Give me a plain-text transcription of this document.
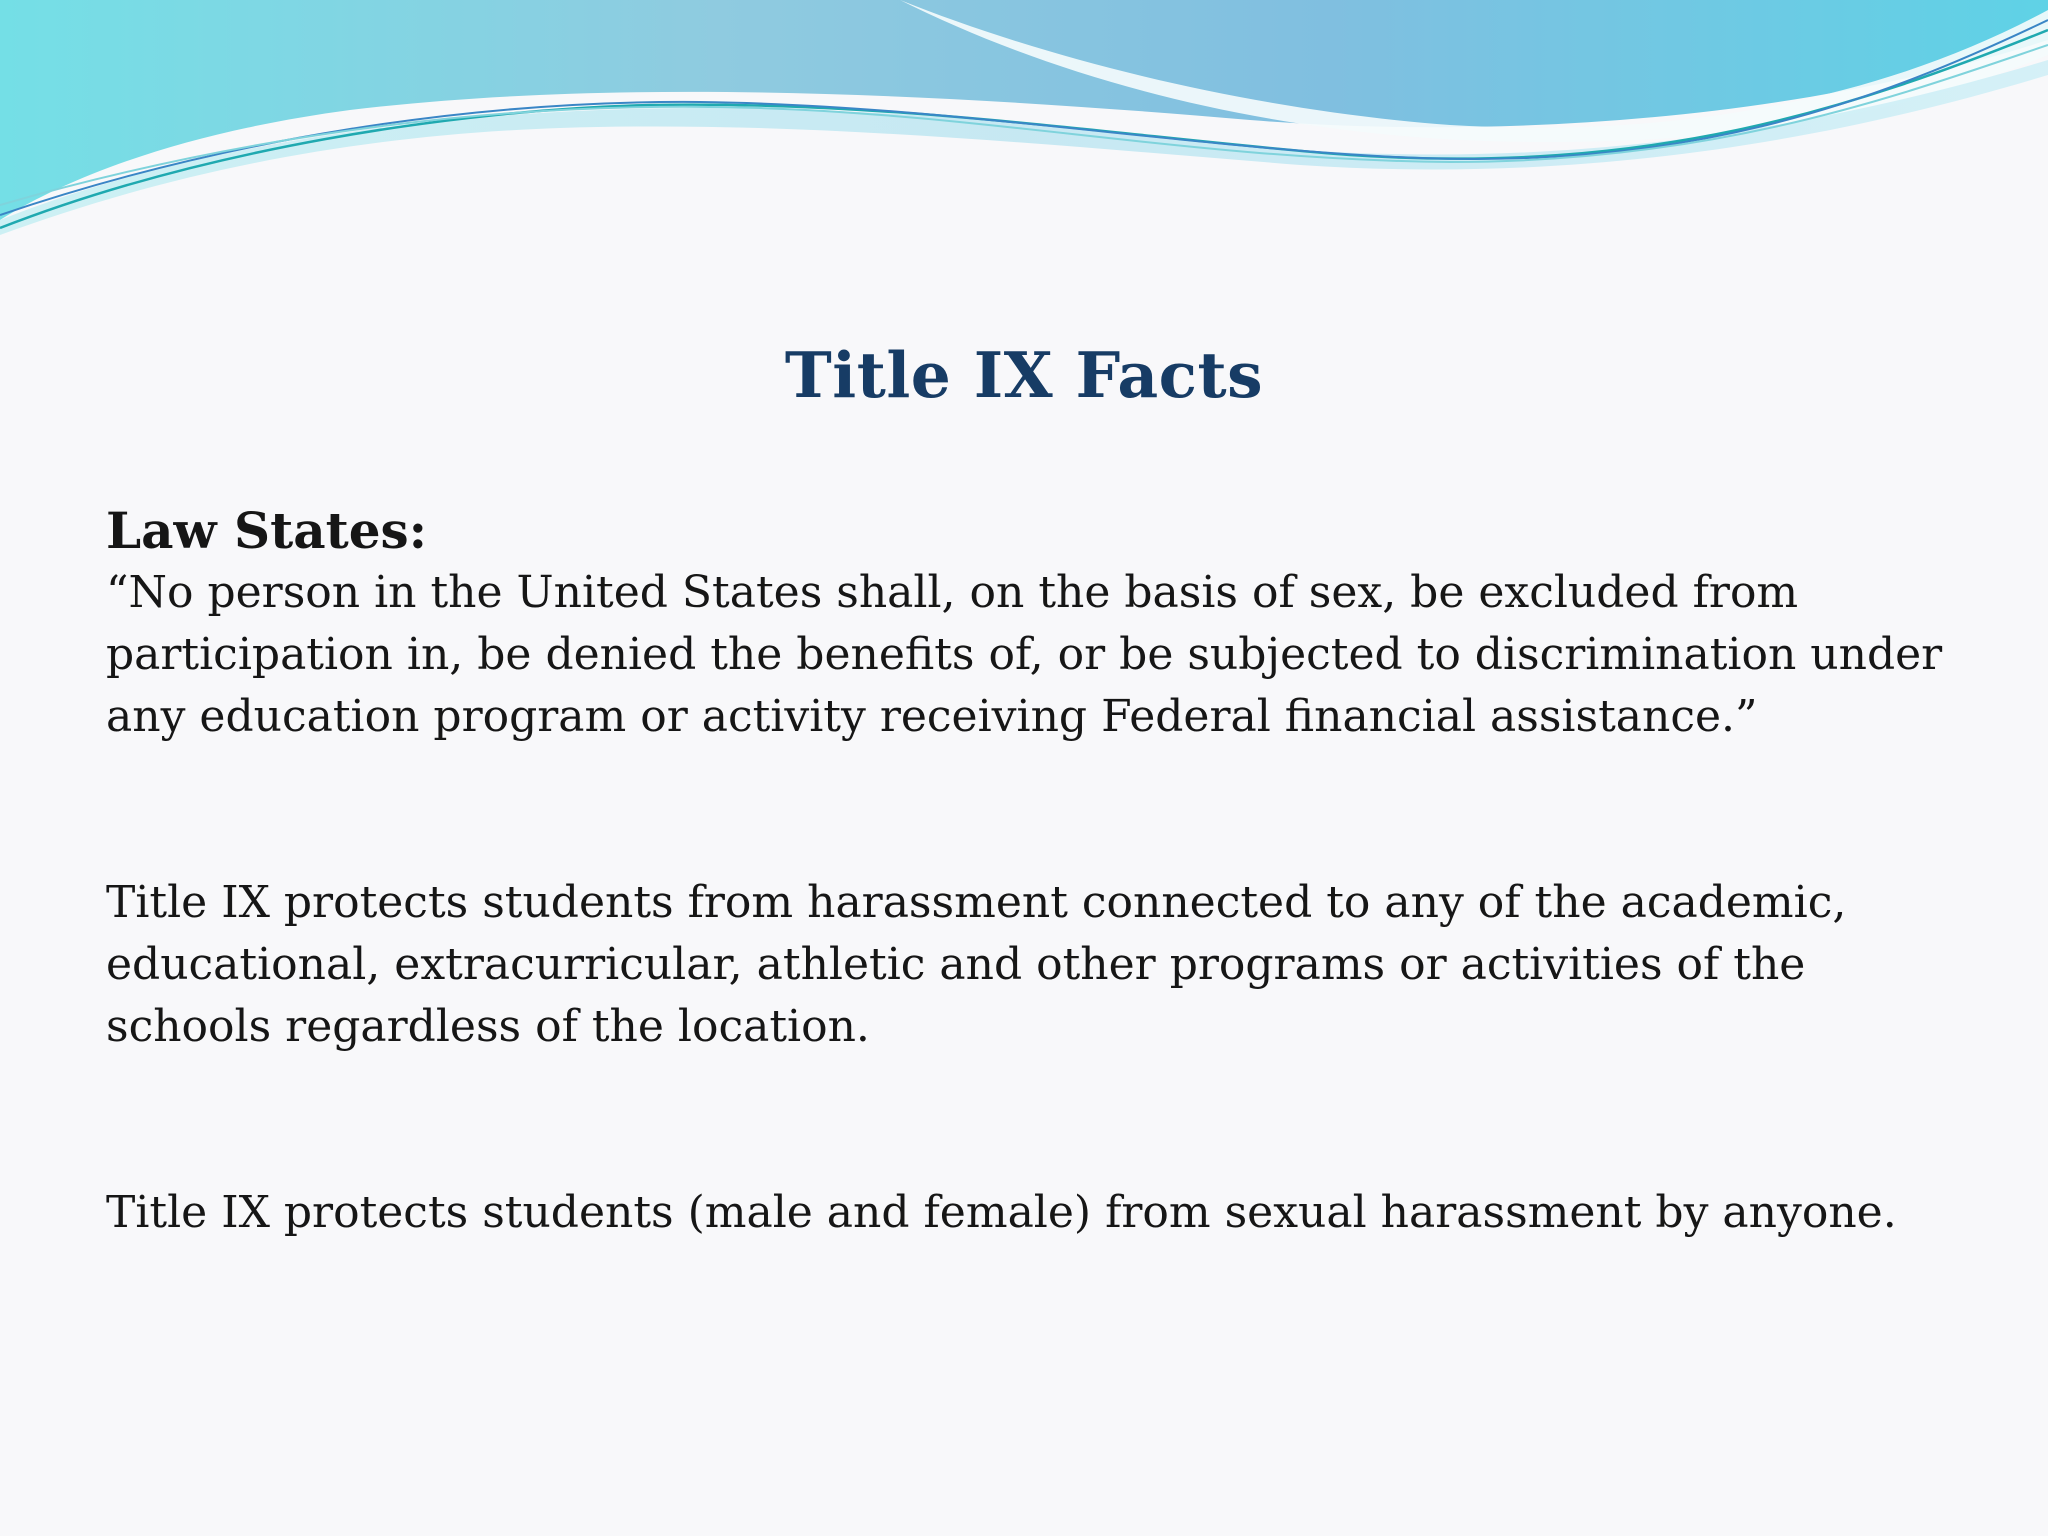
Title IX Facts

Law States:

“No person in the United States shall, on the basis of sex, be excluded from participation in, be denied the benefits of, or be subjected to discrimination under any education program or activity receiving Federal financial assistance.”

Title IX protects students from harassment connected to any of the academic, educational, extracurricular, athletic and other programs or activities of the schools regardless of the location.

Title IX protects students (male and female) from sexual harassment by anyone.
